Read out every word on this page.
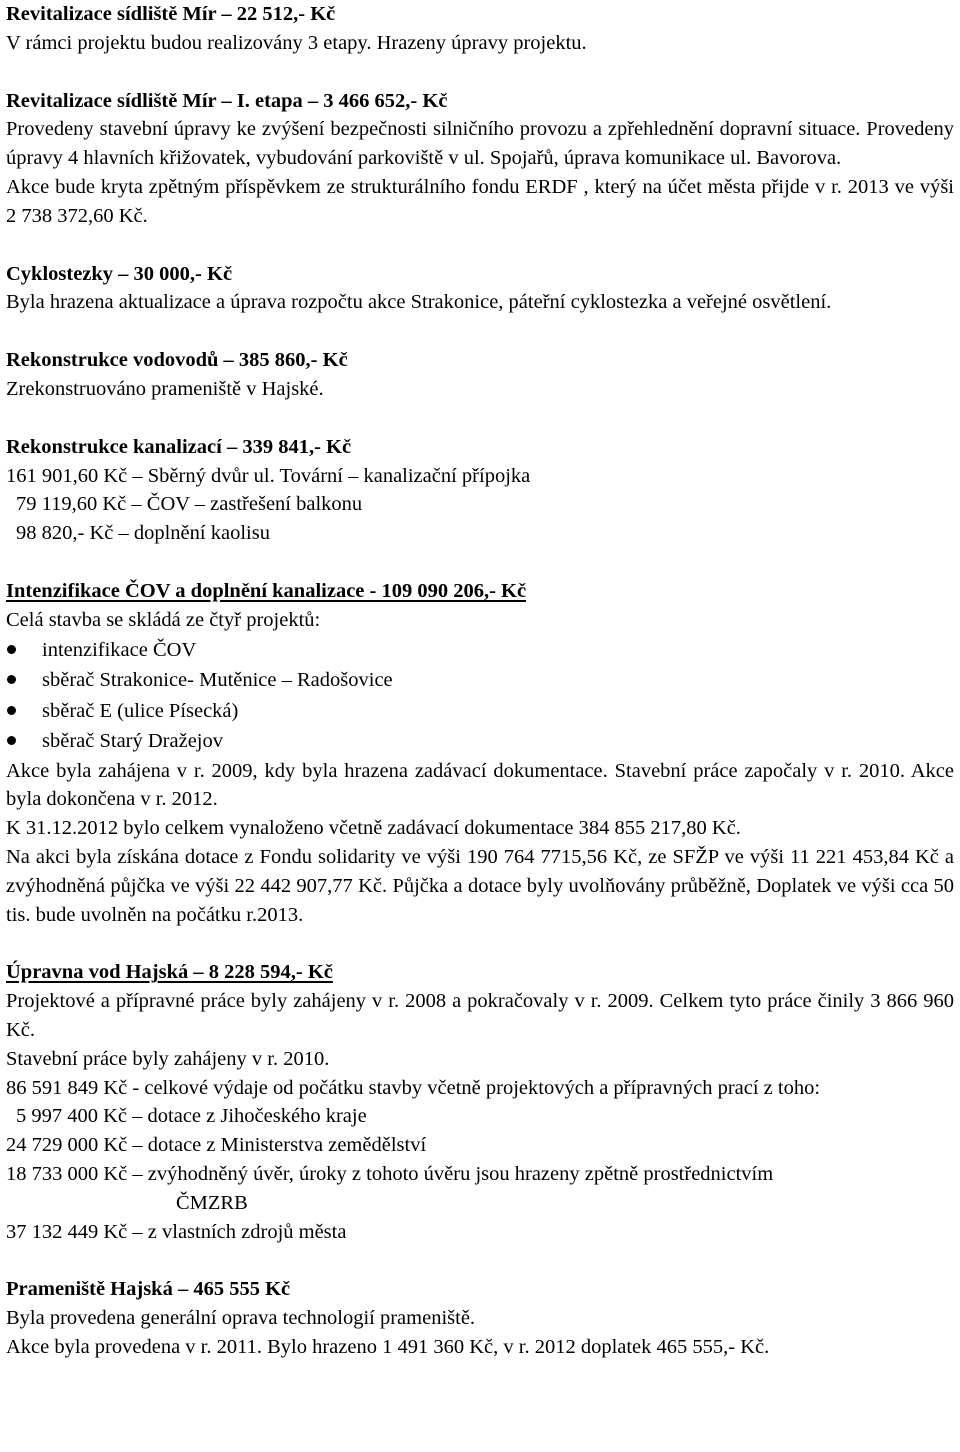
Revitalizace sídliště Mír – 22 512,- Kč
V rámci projektu budou realizovány 3 etapy. Hrazeny úpravy projektu.
Revitalizace sídliště Mír – I. etapa – 3 466 652,- Kč
Provedeny stavební úpravy ke zvýšení bezpečnosti silničního provozu a zpřehlednění dopravní situace. Provedeny úpravy 4 hlavních křižovatek, vybudování parkoviště v ul. Spojařů, úprava komunikace ul. Bavorova.
Akce bude kryta zpětným příspěvkem ze strukturálního fondu ERDF , který na účet města přijde v r. 2013 ve výši 2 738 372,60 Kč.
Cyklostezky – 30 000,- Kč
Byla hrazena aktualizace a úprava rozpočtu akce Strakonice, páteřní cyklostezka a veřejné osvětlení.
Rekonstrukce vodovodů – 385 860,- Kč
Zrekonstruováno prameniště v Hajské.
Rekonstrukce kanalizací – 339 841,- Kč
161 901,60 Kč – Sběrný dvůr ul. Tovární – kanalizační přípojka
79 119,60 Kč – ČOV – zastřešení balkonu
98 820,- Kč – doplnění kaolisu
Intenzifikace ČOV a doplnění kanalizace - 109 090 206,- Kč
Celá stavba se skládá ze čtyř projektů:
intenzifikace ČOV
sběrač Strakonice- Mutěnice – Radošovice
sběrač E (ulice Písecká)
sběrač Starý Dražejov
Akce byla zahájena v r. 2009, kdy byla hrazena zadávací dokumentace. Stavební práce započaly v r. 2010. Akce byla dokončena v r. 2012.
K 31.12.2012 bylo celkem vynaloženo včetně zadávací dokumentace 384 855 217,80 Kč.
Na akci byla získána dotace z Fondu solidarity ve výši 190 764 7715,56 Kč, ze SFŽP ve výši 11 221 453,84 Kč a zvýhodněná půjčka ve výši 22 442 907,77 Kč. Půjčka a dotace byly uvolňovány průběžně, Doplatek ve výši cca 50 tis. bude uvolněn na počátku r.2013.
Úpravna vod Hajská – 8 228 594,- Kč
Projektové a přípravné práce byly zahájeny v r. 2008 a pokračovaly v r. 2009. Celkem tyto práce činily 3 866 960 Kč.
Stavební práce byly zahájeny v r. 2010.
86 591 849 Kč - celkové výdaje od počátku stavby včetně projektových a přípravných prací z toho:
5 997 400 Kč – dotace z Jihočeského kraje
24 729 000 Kč – dotace z Ministerstva zemědělství
18 733 000 Kč – zvýhodněný úvěr, úroky z tohoto úvěru jsou hrazeny zpětně prostřednictvím
ČMZRB
37 132 449 Kč – z vlastních zdrojů města
Prameniště Hajská – 465 555 Kč
Byla provedena generální oprava technologií prameniště.
Akce byla provedena v r. 2011. Bylo hrazeno 1 491 360 Kč, v r. 2012 doplatek 465 555,- Kč.
